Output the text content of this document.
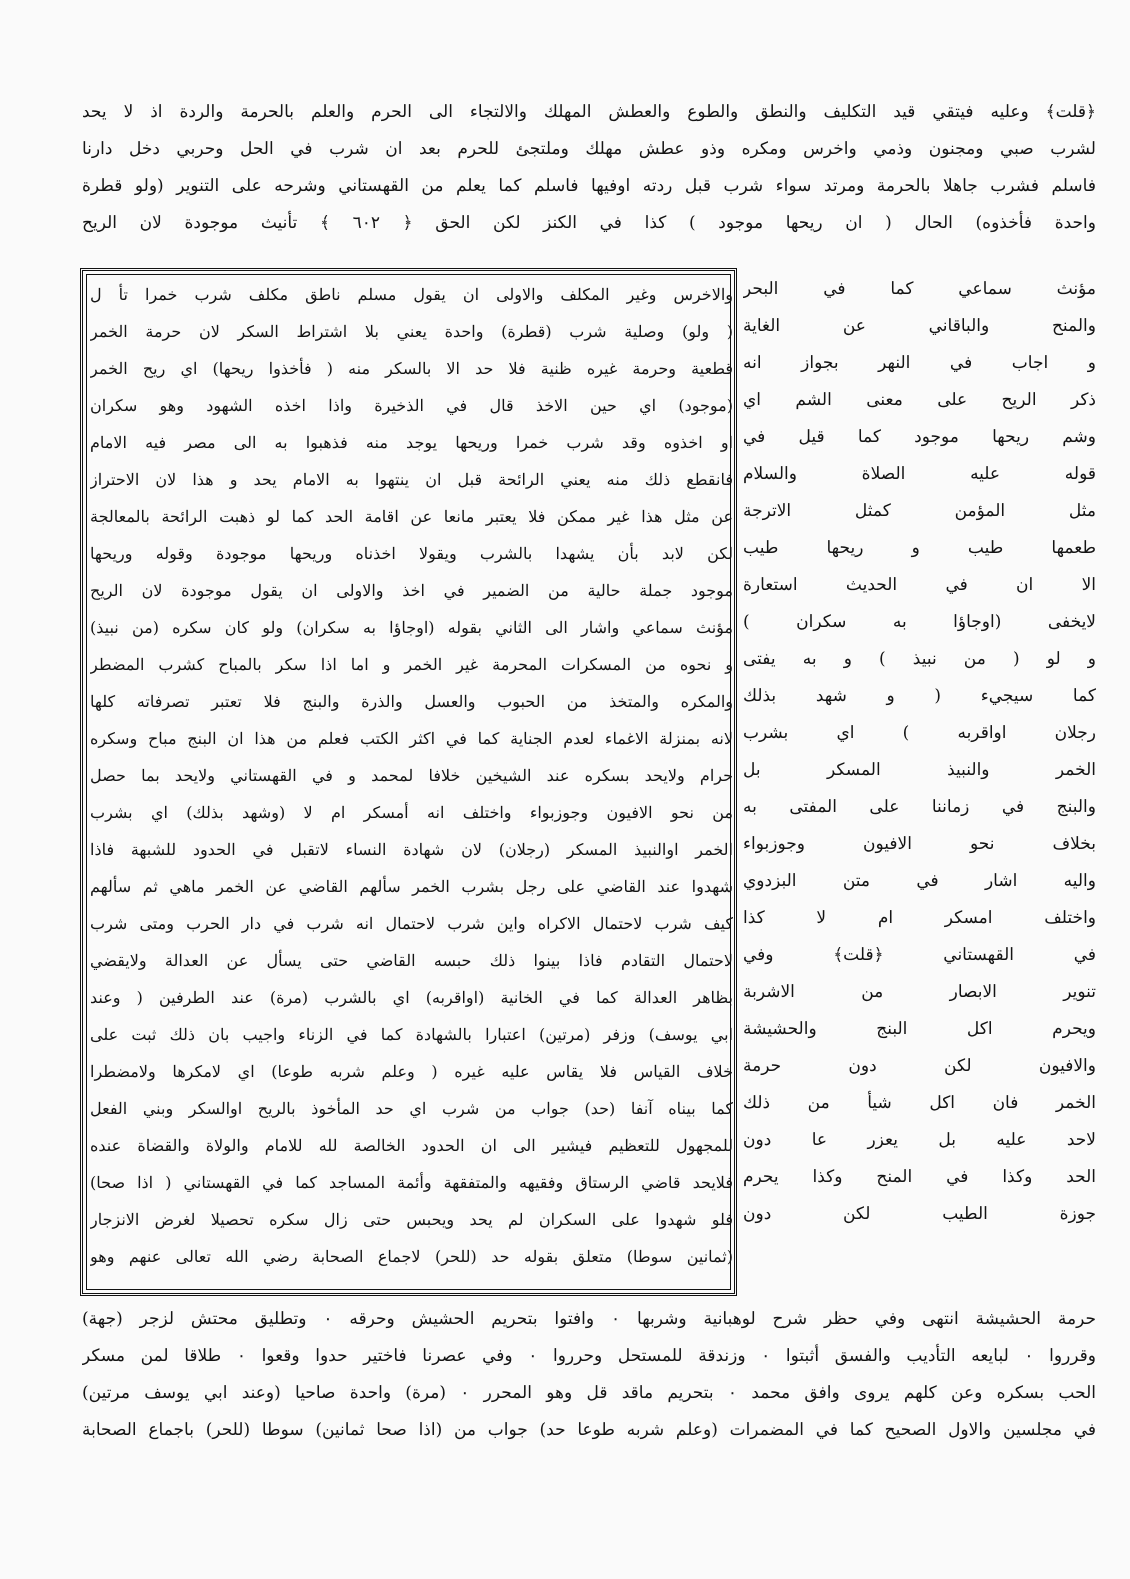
﴿قلت﴾ وعليه فيتقي قيد التكليف والنطق والطوع والعطش المهلك والالتجاء الى الحرم والعلم بالحرمة والردة اذ لا يحد
لشرب صبي ومجنون وذمي واخرس ومكره وذو عطش مهلك وملتجئ للحرم بعد ان شرب في الحل وحربي دخل دارنا
فاسلم فشرب جاهلا بالحرمة ومرتد سواء شرب قبل ردته اوفيها فاسلم كما يعلم من القهستاني وشرحه على التنوير (ولو قطرة
واحدة فأخذوه) الحال ( ان ريحها موجود ) كذا في الكنز لكن الحق ﴿ ٦٠٢ ﴾ تأنيث موجودة لان الريح
مؤنث سماعي كما في البحر
والمنح والباقاني عن الغاية
و اجاب في النهر بجواز انه
ذكر الريح على معنى الشم اي
وشم ريحها موجود كما قيل في
قوله عليه الصلاة والسلام
مثل المؤمن كمثل الاترجة
طعمها طيب و ريحها طيب
الا ان في الحديث استعارة
لايخفى (اوجاؤا به سكران )
و لو ( من نبيذ ) و به يفتى
كما سيجيء ( و شهد بذلك
رجلان اواقربه ) اي بشرب
الخمر والنبيذ المسكر بل
والبنج في زماننا على المفتى به
بخلاف نحو الافيون وجوزبواء
واليه اشار في متن البزدوي
واختلف امسكر ام لا كذا
في القهستاني ﴿قلت﴾ وفي
تنوير الابصار من الاشربة
ويحرم اكل البنج والحشيشة
والافيون لكن دون حرمة
الخمر فان اكل شيأ من ذلك
لاحد عليه بل يعزر عا دون
الحد وكذا في المنح وكذا يحرم
جوزة الطيب لكن دون
والاخرس وغير المكلف والاولى ان يقول مسلم ناطق مكلف شرب خمرا تأ ل
( ولو) وصلية شرب (قطرة) واحدة يعني بلا اشتراط السكر لان حرمة الخمر
قطعية وحرمة غيره ظنية فلا حد الا بالسكر منه ( فأخذوا ريحها) اي ريح الخمر
(موجود) اي حين الاخذ قال في الذخيرة واذا اخذه الشهود وهو سكران
او اخذوه وقد شرب خمرا وريحها يوجد منه فذهبوا به الى مصر فيه الامام
فانقطع ذلك منه يعني الرائحة قبل ان ينتهوا به الامام يحد و هذا لان الاحتراز
عن مثل هذا غير ممكن فلا يعتبر مانعا عن اقامة الحد كما لو ذهبت الرائحة بالمعالجة
لكن لابد بأن يشهدا بالشرب ويقولا اخذناه وريحها موجودة وقوله وريحها
موجود جملة حالية من الضمير في اخذ والاولى ان يقول موجودة لان الريح
مؤنث سماعي واشار الى الثاني بقوله (اوجاؤا به سكران) ولو كان سكره (من نبيذ)
و نحوه من المسكرات المحرمة غير الخمر و اما اذا سكر بالمباح كشرب المضطر
والمكره والمتخذ من الحبوب والعسل والذرة والبنج فلا تعتبر تصرفاته كلها
لانه بمنزلة الاغماء لعدم الجناية كما في اكثر الكتب فعلم من هذا ان البنج مباح وسكره
حرام ولايحد بسكره عند الشيخين خلافا لمحمد و في القهستاني ولايحد بما حصل
من نحو الافيون وجوزبواء واختلف انه أمسكر ام لا (وشهد بذلك) اي بشرب
الخمر اوالنبيذ المسكر (رجلان) لان شهادة النساء لاتقبل في الحدود للشبهة فاذا
شهدوا عند القاضي على رجل بشرب الخمر سألهم القاضي عن الخمر ماهي ثم سألهم
كيف شرب لاحتمال الاكراه واين شرب لاحتمال انه شرب في دار الحرب ومتى شرب
لاحتمال التقادم فاذا بينوا ذلك حبسه القاضي حتى يسأل عن العدالة ولايقضي
بظاهر العدالة كما في الخانية (اواقربه) اي بالشرب (مرة) عند الطرفين ( وعند
ابي يوسف) وزفر (مرتين) اعتبارا بالشهادة كما في الزناء واجيب بان ذلك ثبت على
خلاف القياس فلا يقاس عليه غيره ( وعلم شربه طوعا) اي لامكرها ولامضطرا
كما بيناه آنفا (حد) جواب من شرب اي حد المأخوذ بالريح اوالسكر وبني الفعل
للمجهول للتعظيم فيشير الى ان الحدود الخالصة لله للامام والولاة والقضاة عنده
فلايحد قاضي الرستاق وفقيهه والمتفقهة وأئمة المساجد كما في القهستاني ( اذا صحا)
فلو شهدوا على السكران لم يحد ويحبس حتى زال سكره تحصيلا لغرض الانزجار
(ثمانين سوطا) متعلق بقوله حد (للحر) لاجماع الصحابة رضي الله تعالى عنهم وهو
حرمة الحشيشة انتهى وفي حظر شرح لوهبانية وشربها ۰ وافتوا بتحريم الحشيش وحرقه ۰ وتطليق محتش لزجر (جهة)
وقرروا ۰ لبايعه التأديب والفسق أثبتوا ۰ وزندقة للمستحل وحرروا ۰ وفي عصرنا فاختير حدوا وقعوا ۰ طلاقا لمن مسكر
الحب بسكره وعن كلهم يروى وافق محمد ۰ بتحريم ماقد قل وهو المحرر ۰ (مرة) واحدة صاحيا (وعند ابي يوسف مرتين)
في مجلسين والاول الصحيح كما في المضمرات (وعلم شربه طوعا حد) جواب من (اذا صحا ثمانين) سوطا (للحر) باجماع الصحابة
